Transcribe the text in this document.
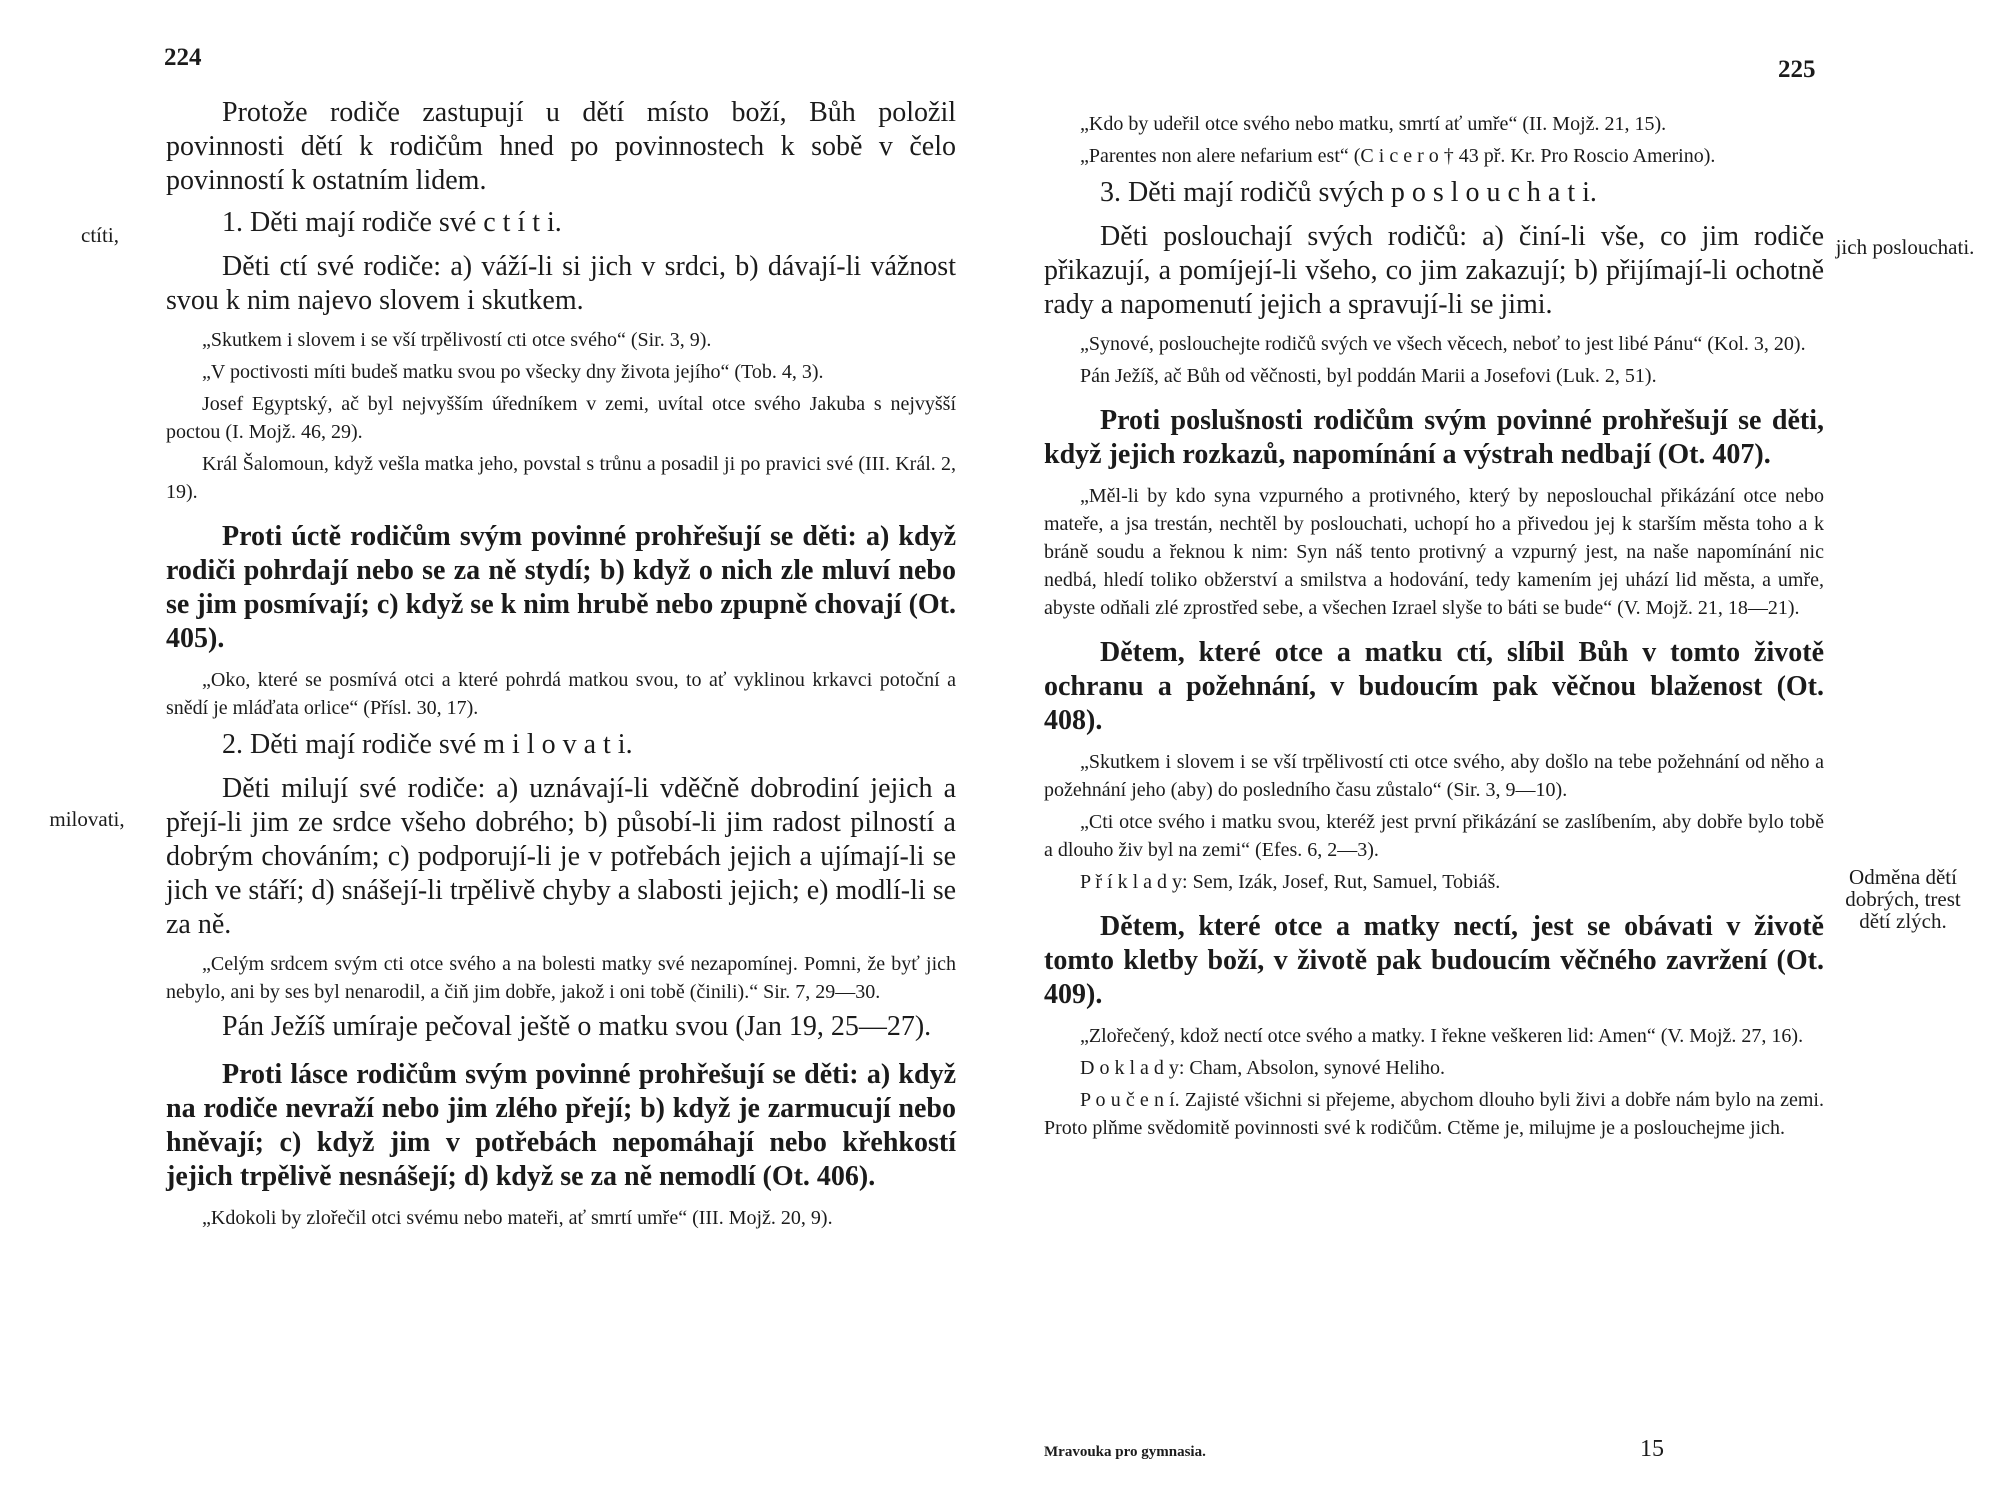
224
ctíti,
milovati,

Protože rodiče zastupují u dětí místo boží, Bůh položil povinnosti dětí k rodičům hned po povinnostech k sobě v čelo povinností k ostatním lidem.

1. Děti mají rodiče své c t í t i.

Děti ctí své rodiče: a) váží-li si jich v srdci, b) dávají-li vážnost svou k nim najevo slovem i skutkem.

„Skutkem i slovem i se vší trpělivostí cti otce svého“ (Sir. 3, 9).

„V poctivosti míti budeš matku svou po všecky dny života jejího“ (Tob. 4, 3).

Josef Egyptský, ač byl nejvyšším úředníkem v zemi, uvítal otce svého Jakuba s nejvyšší poctou (I. Mojž. 46, 29).

Král Šalomoun, když vešla matka jeho, povstal s trůnu a posadil ji po pravici své (III. Král. 2, 19).

Proti úctě rodičům svým povinné prohřešují se děti: a) když rodiči pohrdají nebo se za ně stydí; b) když o nich zle mluví nebo se jim posmívají; c) když se k nim hrubě nebo zpupně chovají (Ot. 405).

„Oko, které se posmívá otci a které pohrdá matkou svou, to ať vyklinou krkavci potoční a snědí je mláďata orlice“ (Přísl. 30, 17).

2. Děti mají rodiče své m i l o v a t i.

Děti milují své rodiče: a) uznávají-li vděčně dobrodiní jejich a přejí-li jim ze srdce všeho dobrého; b) působí-li jim radost pilností a dobrým chováním; c) podporují-li je v potřebách jejich a ujímají-li se jich ve stáří; d) snášejí-li trpělivě chyby a slabosti jejich; e) modlí-li se za ně.

„Celým srdcem svým cti otce svého a na bolesti matky své nezapomínej. Pomni, že byť jich nebylo, ani by ses byl nenarodil, a čiň jim dobře, jakož i oni tobě (činili).“ Sir. 7, 29—30.

Pán Ježíš umíraje pečoval ještě o matku svou (Jan 19, 25—27).

Proti lásce rodičům svým povinné prohřešují se děti: a) když na rodiče nevraží nebo jim zlého přejí; b) když je zarmucují nebo hněvají; c) když jim v potřebách nepomáhají nebo křehkostí jejich trpělivě nesnášejí; d) když se za ně nemodlí (Ot. 406).

„Kdokoli by zlořečil otci svému nebo mateři, ať smrtí umře“ (III. Mojž. 20, 9).

225
jich poslouchati.
Odměna dětí dobrých, trest dětí zlých.

„Kdo by udeřil otce svého nebo matku, smrtí ať umře“ (II. Mojž. 21, 15).

„Parentes non alere nefarium est“ (C i c e r o † 43 př. Kr. Pro Roscio Amerino).

3. Děti mají rodičů svých p o s l o u c h a t i.

Děti poslouchají svých rodičů: a) činí-li vše, co jim rodiče přikazují, a pomíjejí-li všeho, co jim zakazují; b) přijímají-li ochotně rady a napomenutí jejich a spravují-li se jimi.

„Synové, poslouchejte rodičů svých ve všech věcech, neboť to jest libé Pánu“ (Kol. 3, 20).

Pán Ježíš, ač Bůh od věčnosti, byl poddán Marii a Josefovi (Luk. 2, 51).

Proti poslušnosti rodičům svým povinné prohřešují se děti, když jejich rozkazů, napomínání a výstrah nedbají (Ot. 407).

„Měl-li by kdo syna vzpurného a protivného, který by neposlouchal přikázání otce nebo mateře, a jsa trestán, nechtěl by poslouchati, uchopí ho a přivedou jej k starším města toho a k bráně soudu a řeknou k nim: Syn náš tento protivný a vzpurný jest, na naše napomínání nic nedbá, hledí toliko obžerství a smilstva a hodování, tedy kamením jej uhází lid města, a umře, abyste odňali zlé zprostřed sebe, a všechen Izrael slyše to báti se bude“ (V. Mojž. 21, 18—21).

Dětem, které otce a matku ctí, slíbil Bůh v tomto životě ochranu a požehnání, v budoucím pak věčnou blaženost (Ot. 408).

„Skutkem i slovem i se vší trpělivostí cti otce svého, aby došlo na tebe požehnání od něho a požehnání jeho (aby) do posledního času zůstalo“ (Sir. 3, 9—10).

„Cti otce svého i matku svou, kteréž jest první přikázání se zaslíbením, aby dobře bylo tobě a dlouho živ byl na zemi“ (Efes. 6, 2—3).

P ř í k l a d y: Sem, Izák, Josef, Rut, Samuel, Tobiáš.

Dětem, které otce a matky nectí, jest se obávati v životě tomto kletby boží, v životě pak budoucím věčného zavržení (Ot. 409).

„Zlořečený, kdož nectí otce svého a matky. I řekne veškeren lid: Amen“ (V. Mojž. 27, 16).

D o k l a d y: Cham, Absolon, synové Heliho.

P o u č e n í. Zajisté všichni si přejeme, abychom dlouho byli živi a dobře nám bylo na zemi. Proto plňme svědomitě povinnosti své k rodičům. Ctěme je, milujme je a poslouchejme jich.

Mravouka pro gymnasia.	15
